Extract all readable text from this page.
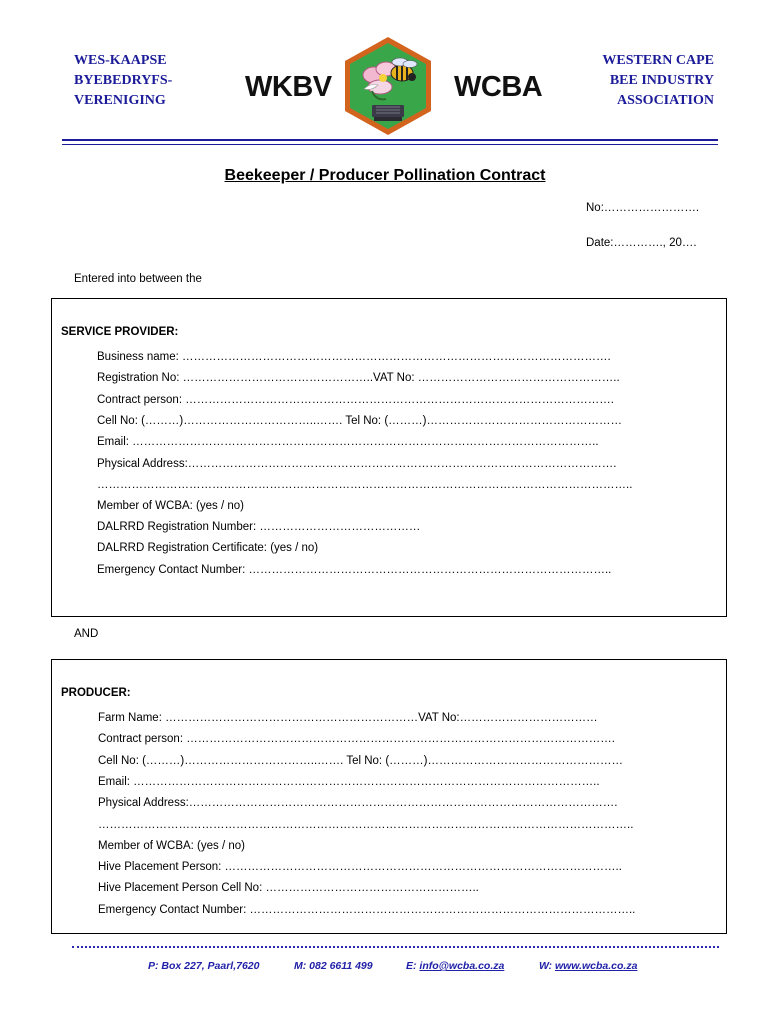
WES-KAAPSE
BYEBEDRYFS-
VERENIGING	WKBV	WCBA
WESTERN CAPE
BEE INDUSTRY
ASSOCIATION
Beekeeper / Producer Pollination Contract
No:…………………….
Date:…………., 20….
Entered into between the
SERVICE PROVIDER:
Business name: ………………………………………………………………………………………………….
Registration No: …………………………………………..VAT No: ……………………………………………..
Contract person: ………………………………………………………………………………………………….
Cell No: (………)……………………………..……. Tel No: (………)……………………………………………
Email: …………………………………………………………………………………………………………..
Physical Address:………………………………………………………………………………………………….
…………………………………………………………………………………………………………………………..
Member of WCBA: (yes / no)
DALRRD Registration Number: ……………………………………
DALRRD Registration Certificate: (yes / no)
Emergency Contact Number: …………………………………………………………………………………..
AND
PRODUCER:
Farm Name: …………………………………………………………VAT No:………………………………
Contract person: ………………………………………………………………………………………………….
Cell No: (………)……………………………..……. Tel No: (………)……………………………………………
Email: …………………………………………………………………………………………………………..
Physical Address:………………………………………………………………………………………………….
…………………………………………………………………………………………………………………………..
Member of WCBA: (yes / no)
Hive Placement Person: …………………………………………………………………………………………..
Hive Placement Person Cell No: ………………………………………………..
Emergency Contact Number: ………………………………………………………………………………………..
P: Box 227, Paarl,7620	M: 082 6611 499	E: info@wcba.co.za	W: www.wcba.co.za
